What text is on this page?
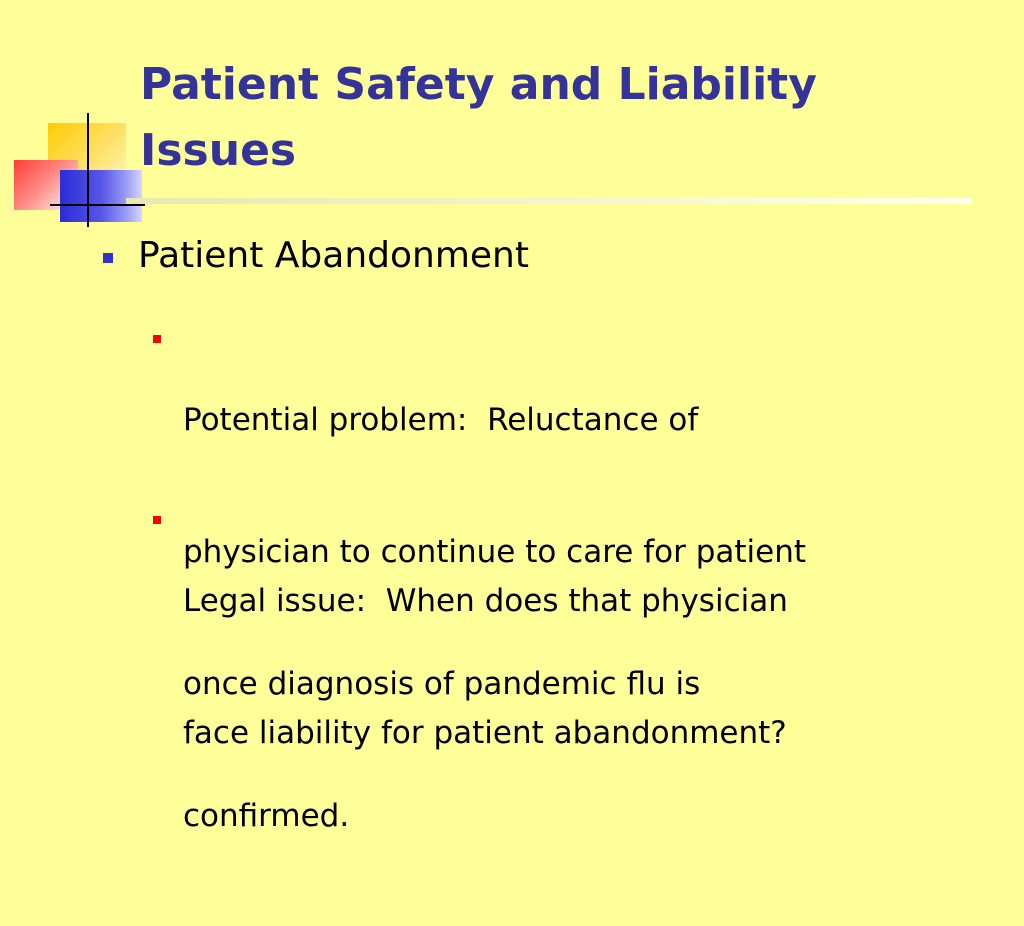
Patient Safety and Liability
Issues
Patient Abandonment

Potential problem:  Reluctance of

physician to continue to care for patient

once diagnosis of pandemic flu is

confirmed.

Legal issue:  When does that physician

face liability for patient abandonment?
